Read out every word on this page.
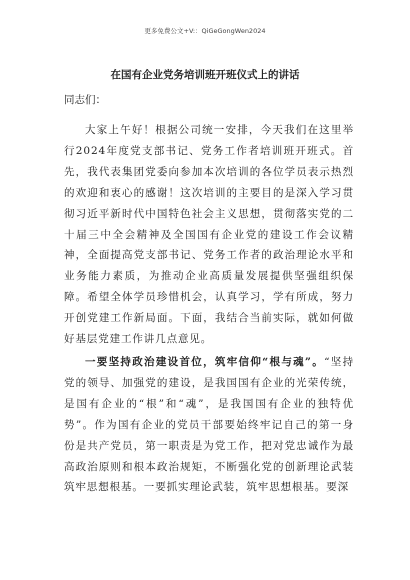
更多免费公文+V:：QiGeGongWen2024
在国有企业党务培训班开班仪式上的讲话
同志们：

大家上午好！根据公司统一安排，今天我们在这里举行2024年度党支部书记、党务工作者培训班开班式。首先，我代表集团党委向参加本次培训的各位学员表示热烈的欢迎和衷心的感谢！这次培训的主要目的是深入学习贯彻习近平新时代中国特色社会主义思想，贯彻落实党的二十届三中全会精神及全国国有企业党的建设工作会议精神，全面提高党支部书记、党务工作者的政治理论水平和业务能力素质，为推动企业高质量发展提供坚强组织保障。希望全体学员珍惜机会，认真学习，学有所成，努力开创党建工作新局面。下面，我结合当前实际，就如何做好基层党建工作讲几点意见。

一要坚持政治建设首位，筑牢信仰“根与魂”。“坚持党的领导、加强党的建设，是我国国有企业的光荣传统，是国有企业的“根”和“魂”，是我国国有企业的独特优势”。作为国有企业的党员干部要始终牢记自己的第一身份是共产党员，第一职责是为党工作，把对党忠诚作为最高政治原则和根本政治规矩，不断强化党的创新理论武装筑牢思想根基。一要抓实理论武装，筑牢思想根基。要深
